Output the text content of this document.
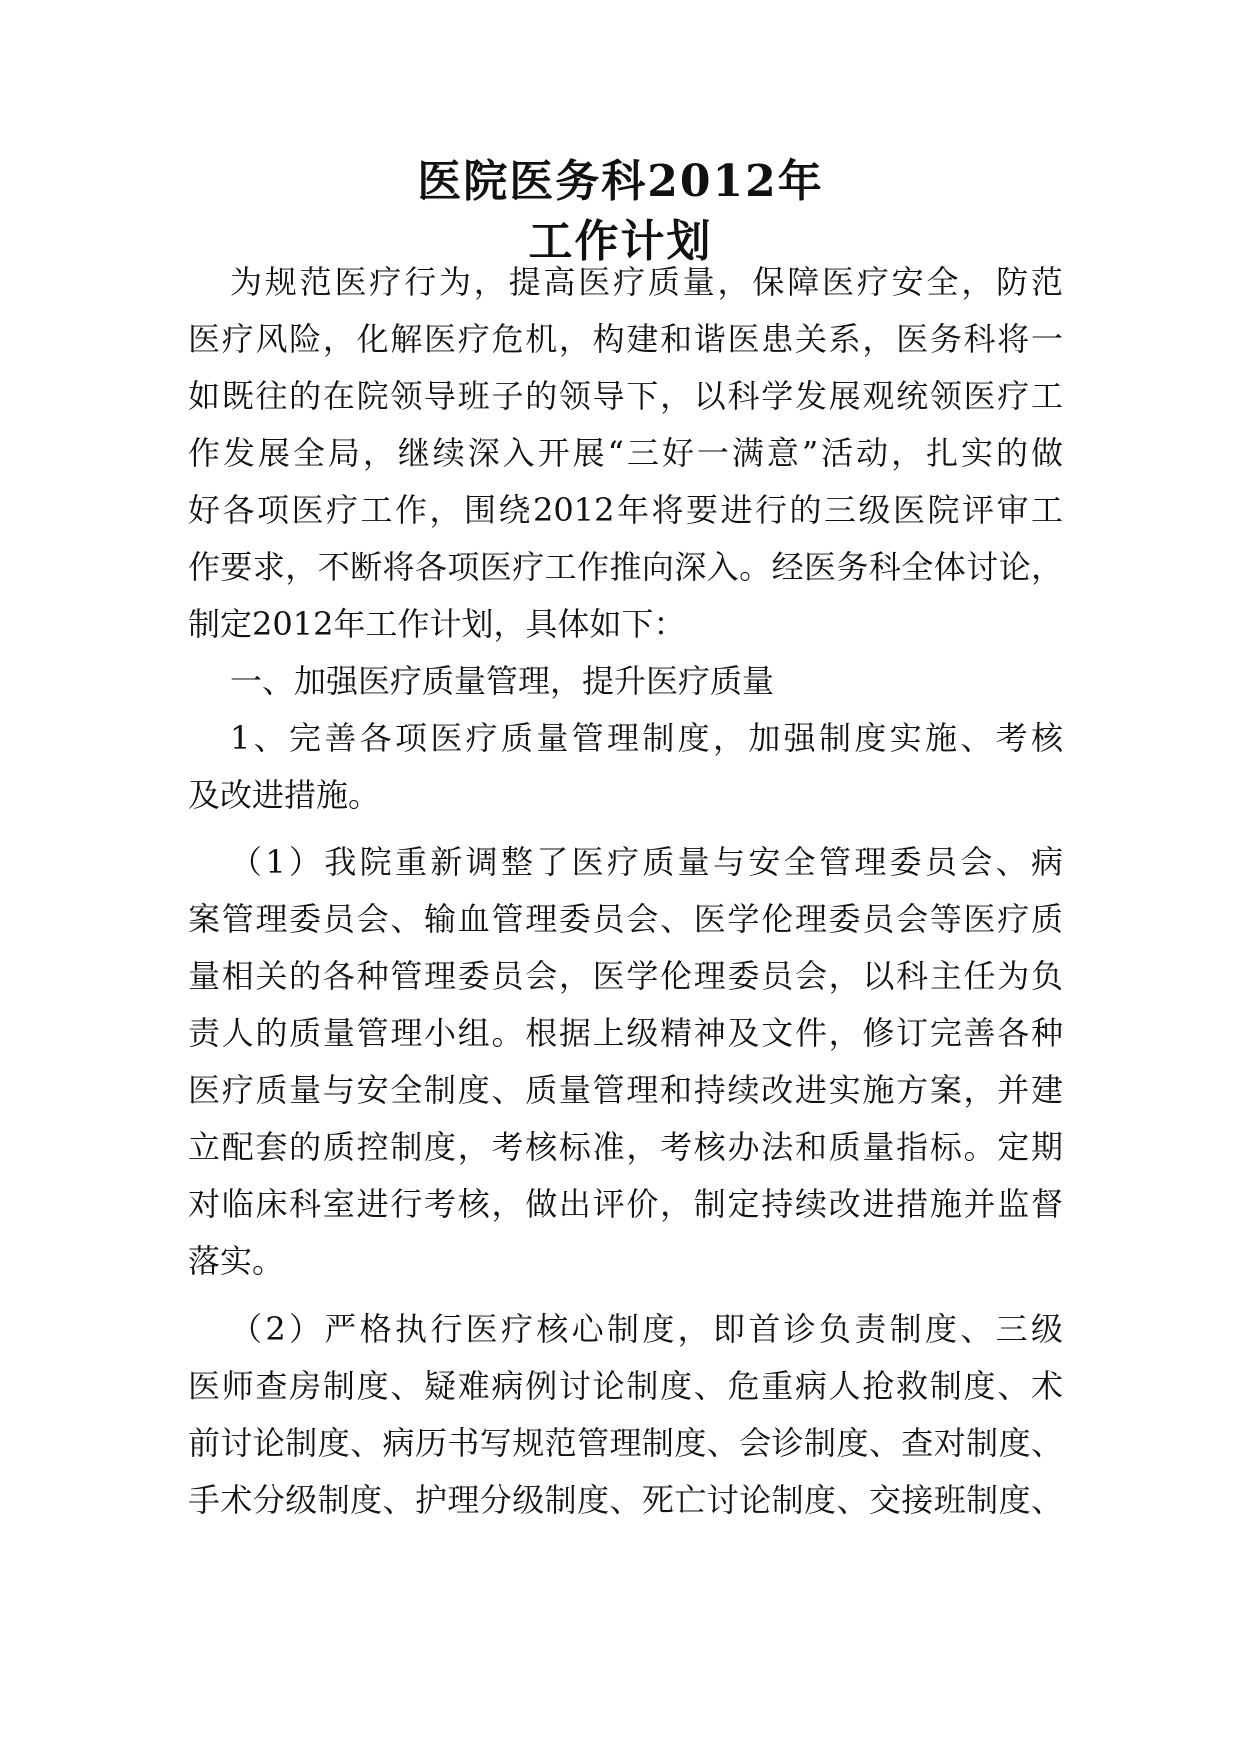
医院医务科2012年
工作计划
为规范医疗行为，提高医疗质量，保障医疗安全，防范
医疗风险，化解医疗危机，构建和谐医患关系，医务科将一
如既往的在院领导班子的领导下，以科学发展观统领医疗工
作发展全局，继续深入开展“三好一满意”活动，扎实的做
好各项医疗工作，围绕2012年将要进行的三级医院评审工
作要求，不断将各项医疗工作推向深入。经医务科全体讨论，
制定2012年工作计划，具体如下：
一、加强医疗质量管理，提升医疗质量
1、完善各项医疗质量管理制度，加强制度实施、考核
及改进措施。
（1）我院重新调整了医疗质量与安全管理委员会、病
案管理委员会、输血管理委员会、医学伦理委员会等医疗质
量相关的各种管理委员会，医学伦理委员会，以科主任为负
责人的质量管理小组。根据上级精神及文件，修订完善各种
医疗质量与安全制度、质量管理和持续改进实施方案，并建
立配套的质控制度，考核标准，考核办法和质量指标。定期
对临床科室进行考核，做出评价，制定持续改进措施并监督
落实。
（2）严格执行医疗核心制度，即首诊负责制度、三级
医师查房制度、疑难病例讨论制度、危重病人抢救制度、术
前讨论制度、病历书写规范管理制度、会诊制度、查对制度、
手术分级制度、护理分级制度、死亡讨论制度、交接班制度、
